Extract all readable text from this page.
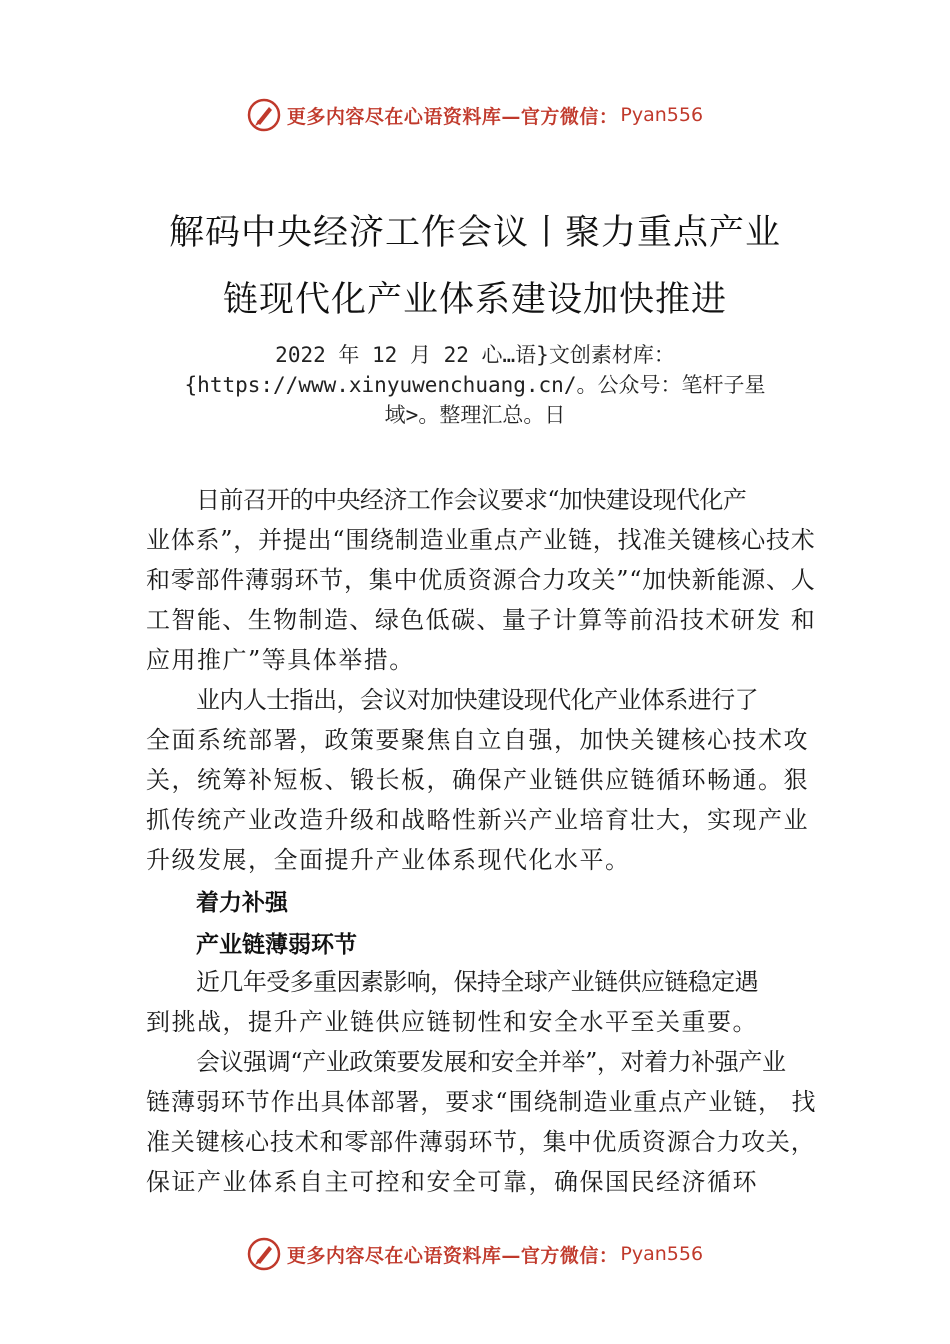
更多内容尽在心语资料库—官方微信： Pyan556
解码中央经济工作会议丨聚力重点产业
链现代化产业体系建设加快推进
2022 年 12 月 22 心…语}文创素材库：
{https://www.xinyuwenchuang.cn/。公众号：笔杆子星
域>。整理汇总。日
日前召开的中央经济工作会议要求“加快建设现代化产
业体系”，并提出“围绕制造业重点产业链，找准关键核心技术
和零部件薄弱环节，集中优质资源合力攻关”“加快新能源、人
工智能、生物制造、绿色低碳、量子计算等前沿技术研发 和
应用推广”等具体举措。
业内人士指出，会议对加快建设现代化产业体系进行了
全面系统部署，政策要聚焦自立自强，加快关键核心技术攻
关，统筹补短板、锻长板，确保产业链供应链循环畅通。狠
抓传统产业改造升级和战略性新兴产业培育壮大，实现产业
升级发展，全面提升产业体系现代化水平。
着力补强
产业链薄弱环节
近几年受多重因素影响，保持全球产业链供应链稳定遇
到挑战，提升产业链供应链韧性和安全水平至关重要。
会议强调“产业政策要发展和安全并举”，对着力补强产业
链薄弱环节作出具体部署，要求“围绕制造业重点产业链， 找
准关键核心技术和零部件薄弱环节，集中优质资源合力攻关，
保证产业体系自主可控和安全可靠，确保国民经济循环
更多内容尽在心语资料库—官方微信： Pyan556
